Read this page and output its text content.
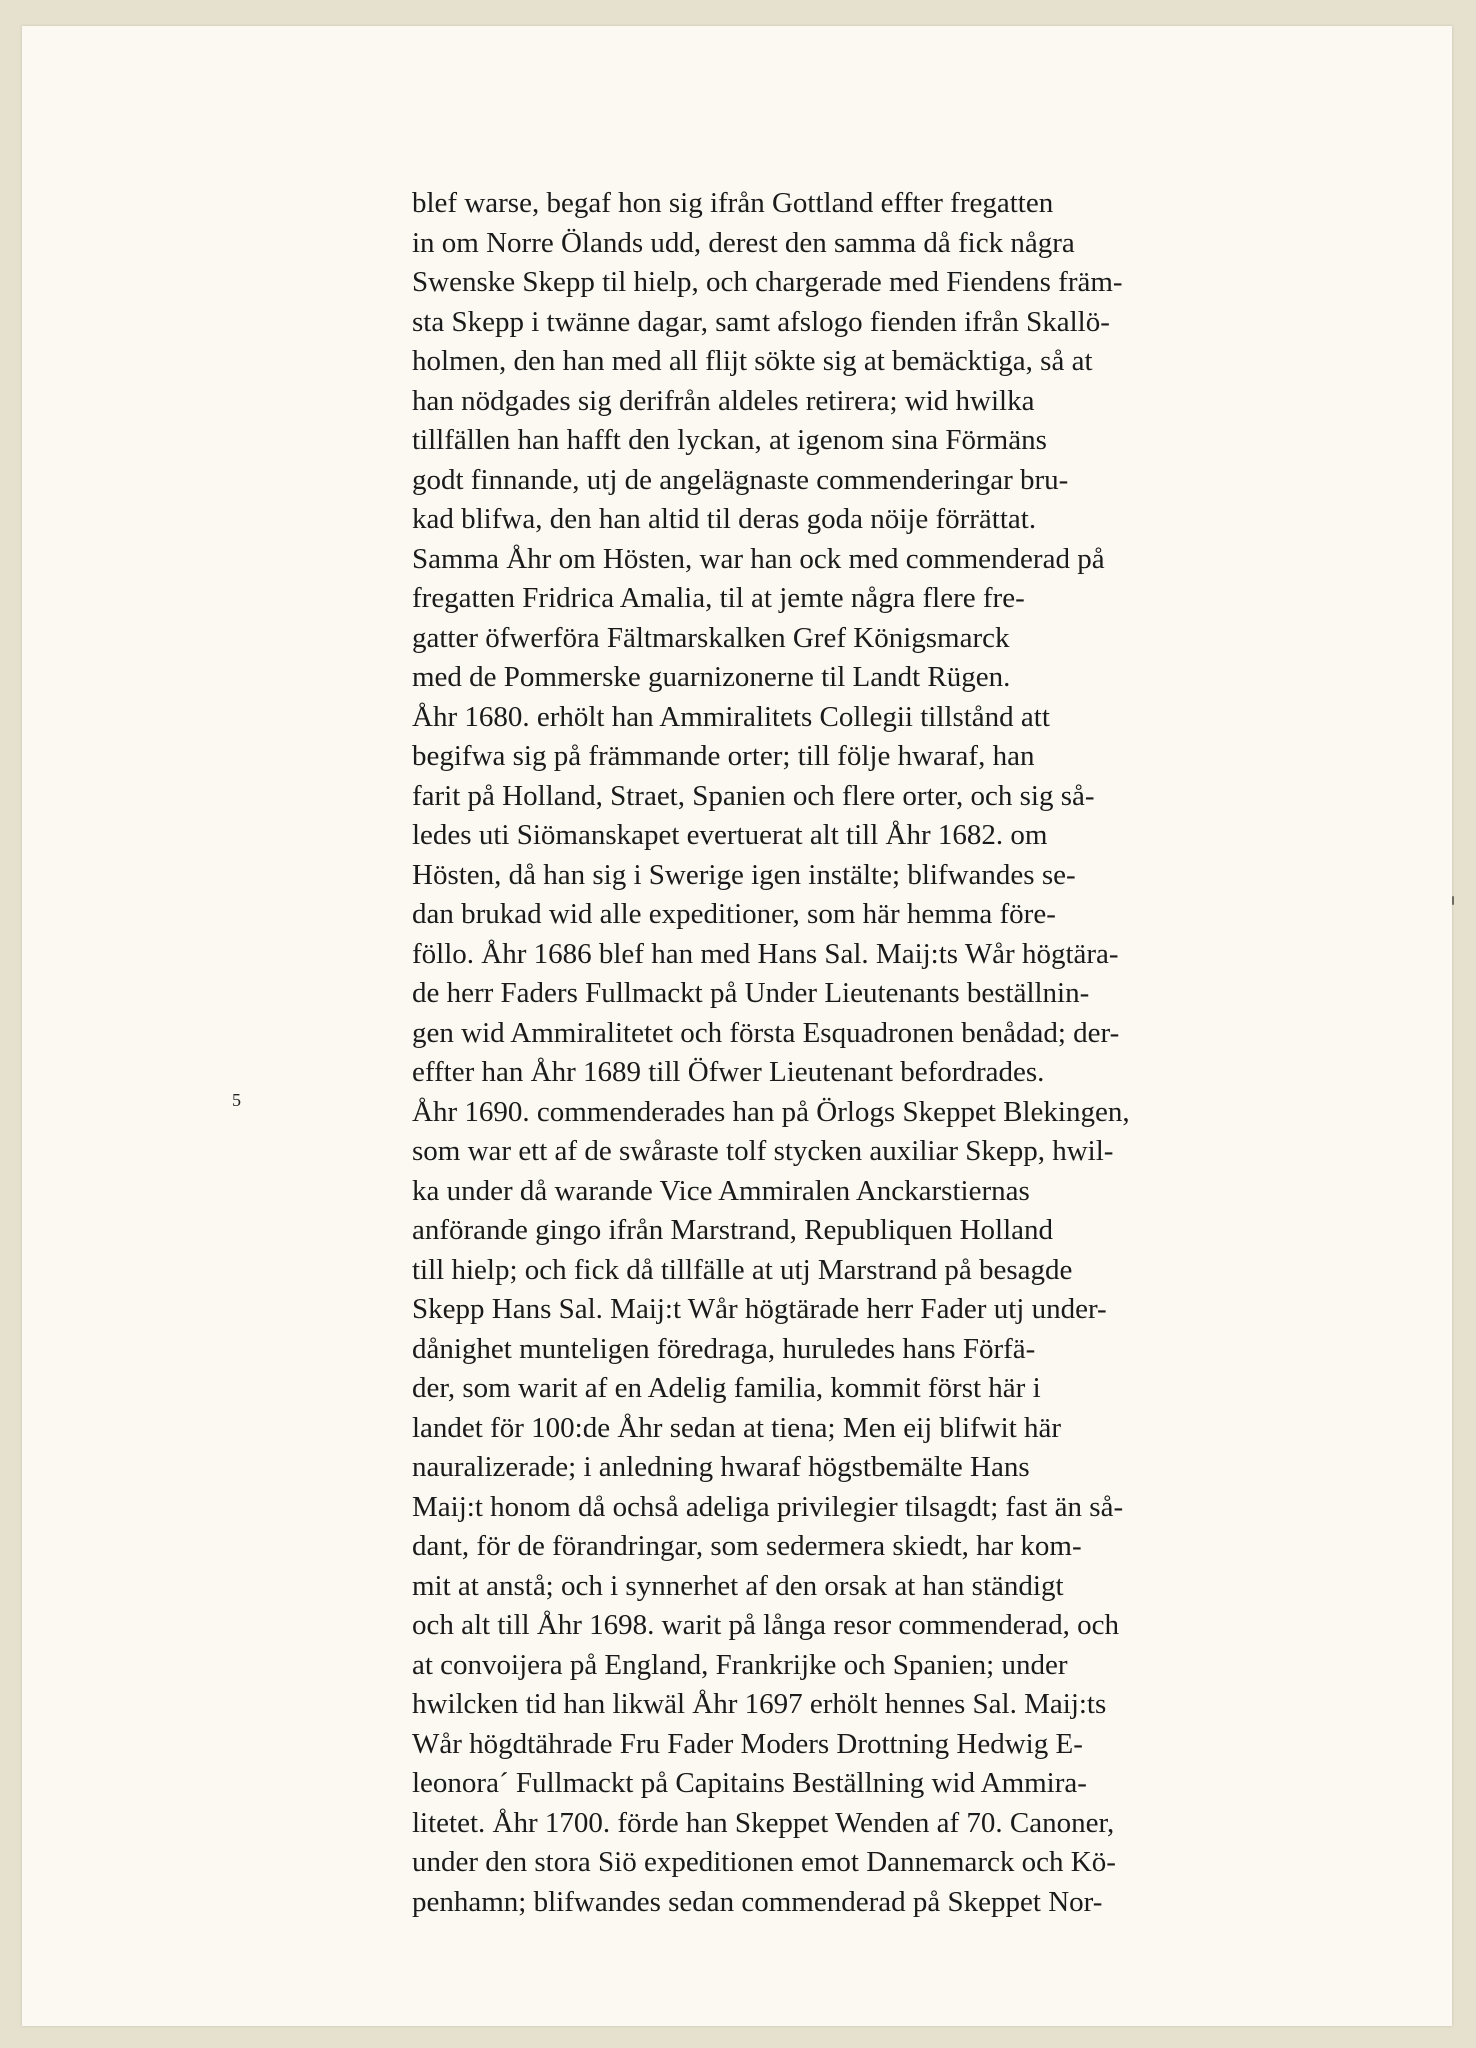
5
blef warse, begaf hon sig ifrån Gottland effter fregatten
in om Norre Ölands udd, derest den samma då fick några
Swenske Skepp til hielp, och chargerade med Fiendens främ-
sta Skepp i twänne dagar, samt afslogo fienden ifrån Skallö-
holmen, den han med all flijt sökte sig at bemäcktiga, så at
han nödgades sig derifrån aldeles retirera; wid hwilka
tillfällen han hafft den lyckan, at igenom sina Förmäns
godt finnande, utj de angelägnaste commenderingar bru-
kad blifwa, den han altid til deras goda nöije förrättat.
Samma Åhr om Hösten, war han ock med commenderad på
fregatten Fridrica Amalia, til at jemte några flere fre-
gatter öfwerföra Fältmarskalken Gref Königsmarck
med de Pommerske guarnizonerne til Landt Rügen.
Åhr 1680. erhölt han Ammiralitets Collegii tillstånd att
begifwa sig på främmande orter; till följe hwaraf, han
farit på Holland, Straet, Spanien och flere orter, och sig så-
ledes uti Siömanskapet evertuerat alt till Åhr 1682. om
Hösten, då han sig i Swerige igen instälte; blifwandes se-
dan brukad wid alle expeditioner, som här hemma före-
föllo. Åhr 1686 blef han med Hans Sal. Maij:ts Wår högtära-
de herr Faders Fullmackt på Under Lieutenants beställnin-
gen wid Ammiralitetet och första Esquadronen benådad; der-
effter han Åhr 1689 till Öfwer Lieutenant befordrades.
Åhr 1690. commenderades han på Örlogs Skeppet Blekingen,
som war ett af de swåraste tolf stycken auxiliar Skepp, hwil-
ka under då warande Vice Ammiralen Anckarstiernas
anförande gingo ifrån Marstrand, Republiquen Holland
till hielp; och fick då tillfälle at utj Marstrand på besagde
Skepp Hans Sal. Maij:t Wår högtärade herr Fader utj under-
dånighet munteligen föredraga, huruledes hans Förfä-
der, som warit af en Adelig familia, kommit först här i
landet för 100:de Åhr sedan at tiena; Men eij blifwit här
nauralizerade; i anledning hwaraf högstbemälte Hans
Maij:t honom då ochså adeliga privilegier tilsagdt; fast än så-
dant, för de förandringar, som sedermera skiedt, har kom-
mit at anstå; och i synnerhet af den orsak at han ständigt
och alt till Åhr 1698. warit på långa resor commenderad, och
at convoijera på England, Frankrijke och Spanien; under
hwilcken tid han likwäl Åhr 1697 erhölt hennes Sal. Maij:ts
Wår högdtährade Fru Fader Moders Drottning Hedwig E-
leonora´ Fullmackt på Capitains Beställning wid Ammira-
litetet. Åhr 1700. förde han Skeppet Wenden af 70. Canoner,
under den stora Siö expeditionen emot Dannemarck och Kö-
penhamn; blifwandes sedan commenderad på Skeppet Nor-
